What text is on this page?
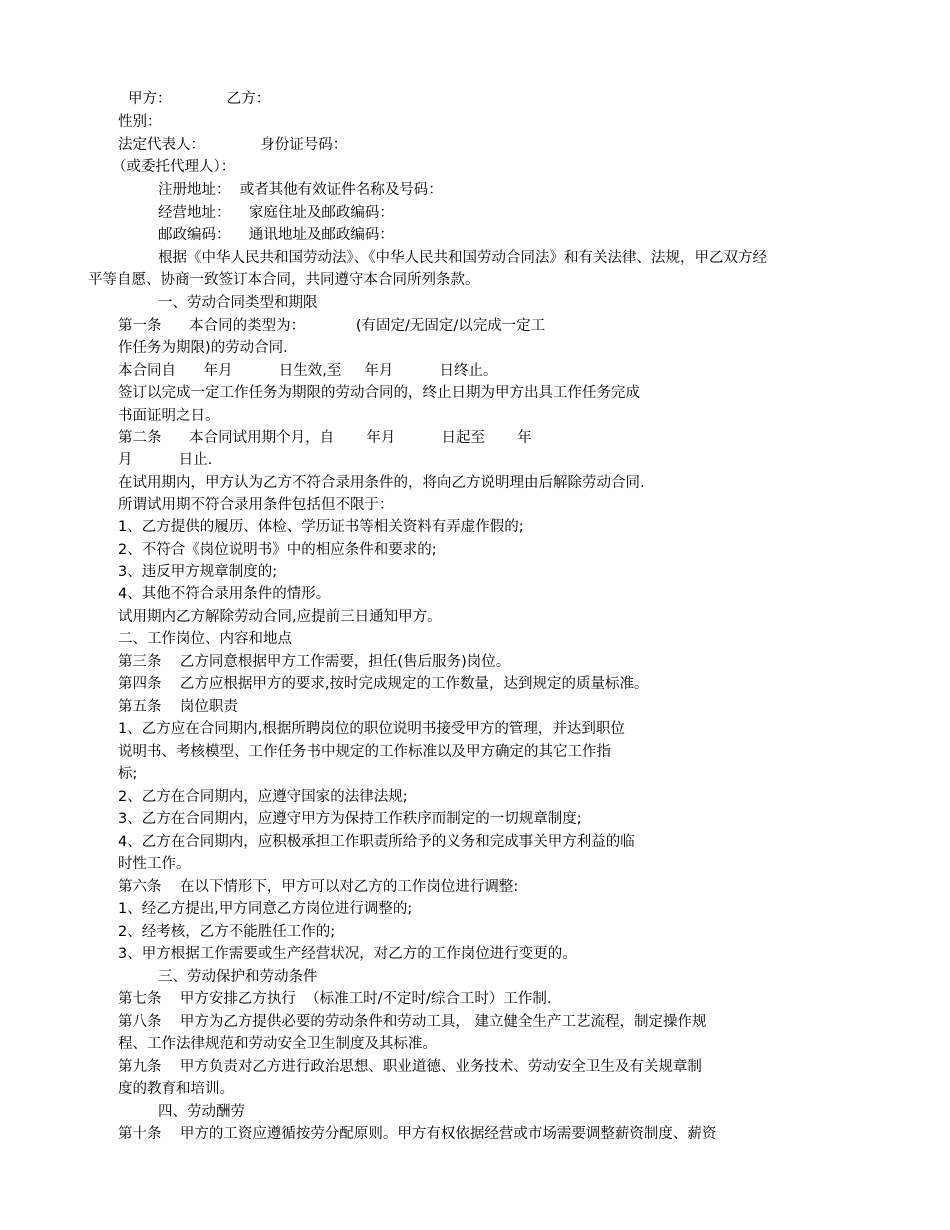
甲方：            乙方：
性别：
法定代表人：            身份证号码：
（或委托代理人）：
注册地址：  或者其他有效证件名称及号码：
经营地址：    家庭住址及邮政编码：
邮政编码：    通讯地址及邮政编码：
根据《中华人民共和国劳动法》、《中华人民共和国劳动合同法》和有关法律、法规，甲乙双方经
平等自愿、协商一致签订本合同，共同遵守本合同所列条款。
一、劳动合同类型和期限
第一条      本合同的类型为：           (有固定/无固定/以完成一定工
作任务为期限)的劳动合同.
本合同自      年月          日生效,至     年月          日终止。
签订以完成一定工作任务为期限的劳动合同的，终止日期为甲方出具工作任务完成
书面证明之日。
第二条      本合同试用期个月，自       年月          日起至       年
月          日止.
在试用期内，甲方认为乙方不符合录用条件的，将向乙方说明理由后解除劳动合同.
所谓试用期不符合录用条件包括但不限于：
1、乙方提供的履历、体检、学历证书等相关资料有弄虚作假的;
2、不符合《岗位说明书》中的相应条件和要求的;
3、违反甲方规章制度的;
4、其他不符合录用条件的情形。
试用期内乙方解除劳动合同,应提前三日通知甲方。
二、工作岗位、内容和地点
第三条    乙方同意根据甲方工作需要，担任(售后服务)岗位。
第四条    乙方应根据甲方的要求,按时完成规定的工作数量，达到规定的质量标准。
第五条    岗位职责
1、乙方应在合同期内,根据所聘岗位的职位说明书接受甲方的管理，并达到职位
说明书、考核模型、工作任务书中规定的工作标准以及甲方确定的其它工作指
标;
2、乙方在合同期内，应遵守国家的法律法规;
3、乙方在合同期内，应遵守甲方为保持工作秩序而制定的一切规章制度;
4、乙方在合同期内，应积极承担工作职责所给予的义务和完成事关甲方利益的临
时性工作。
第六条    在以下情形下，甲方可以对乙方的工作岗位进行调整:
1、经乙方提出,甲方同意乙方岗位进行调整的;
2、经考核，乙方不能胜任工作的;
3、甲方根据工作需要或生产经营状况，对乙方的工作岗位进行变更的。
三、劳动保护和劳动条件
第七条    甲方安排乙方执行  （标准工时/不定时/综合工时）工作制.
第八条    甲方为乙方提供必要的劳动条件和劳动工具， 建立健全生产工艺流程，制定操作规
程、工作法律规范和劳动安全卫生制度及其标准。
第九条    甲方负责对乙方进行政治思想、职业道德、业务技术、劳动安全卫生及有关规章制
度的教育和培训。
四、劳动酬劳
第十条    甲方的工资应遵循按劳分配原则。甲方有权依据经营或市场需要调整薪资制度、薪资
